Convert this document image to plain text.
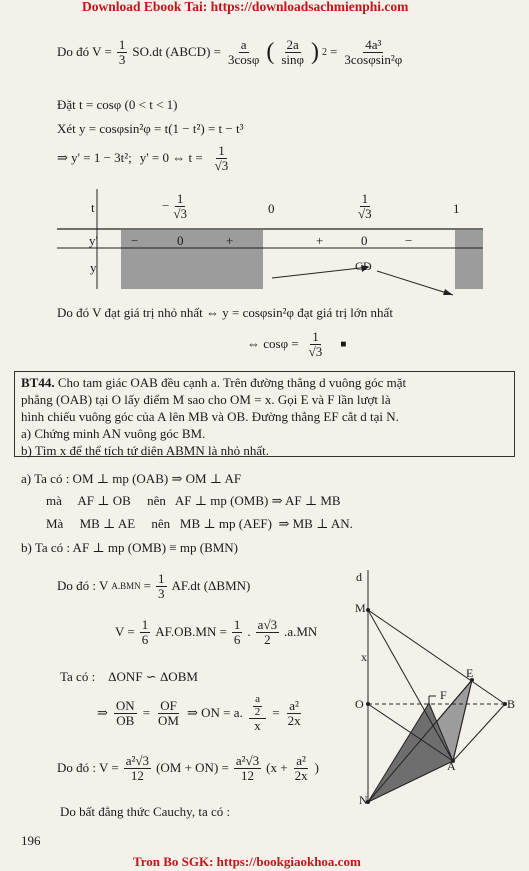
Download Ebook Tai: https://downloadsachmienphi.com
Do đó $V = \frac{1}{3} SO.dt$ (ABCD) = $\frac{a}{3\cos\varphi}$ ( $\frac{2a}{\sin\varphi}$ ) $2 = \frac{\text{4a³}}{\text{3cosφsin²φ}}$
Đặt t = cosφ (0 < t < 1)
Xét y = cosφsin²φ = t(1 − t²) = t − t³
⇒ y' = 1 − 3t²; y' = 0 ⇔ $t = \frac{1}{√3}$
t	− $\frac{1}{√3}$	0	$\frac{1}{√3}$	1
y'	−	0	+	+	0	−
y	CĐ
Do đó V đạt giá trị nhỏ nhất ⇔ y = cosφsin²φ đạt giá trị lớn nhất
⇔ $\cos\varphi = \frac{1}{√3}$ ■
BT44. Cho tam giác OAB đều cạnh a. Trên đường thẳng d vuông góc mặt
phẳng (OAB) tại O lấy điểm M sao cho OM = x. Gọi E và F lần lượt là
hình chiếu vuông góc của A lên MB và OB. Đường thẳng EF cắt d tại N.
a) Chứng minh AN vuông góc BM.
b) Tìm x để thể tích tứ diện ABMN là nhỏ nhất.
a) Ta có : OM ⊥ mp (OAB) ⇒ OM ⊥ AF
mà     AF ⊥ OB     nên   AF ⊥ mp (OMB) ⇒ AF ⊥ MB
Mà     MB ⊥ AE     nên   MB ⊥ mp (AEF)  ⇒ MB ⊥ AN.
b) Ta có : AF ⊥ mp (OMB) ≡ mp (BMN)
Do đó : V $A.BMN = \frac{1}{3} AF.dt$ (ΔBMN)
$V = \frac{1}{6} AF.OB.MN = \frac{1}{6}$ . $\frac{a√3}{2} .a.MN$
Ta có :    ΔONF ∽ ΔOBM
⇒ $\frac{ON}{OB} = \frac{OF}{OM}$ ⇒ ON = a. $\frac{\frac{a}{2}}{x} = \frac{\text{a²}}{2x}$
Do đó : $V = \frac{\text{a²√3}}{12} (OM + ON) = \frac{\text{a²√3}}{12} (x + \frac{\text{a²}}{2x}$ )
Do bất đẳng thức Cauchy, ta có :
d
M
x
E
O
F
B
A
N
196
Tron Bo SGK: https://bookgiaokhoa.com
